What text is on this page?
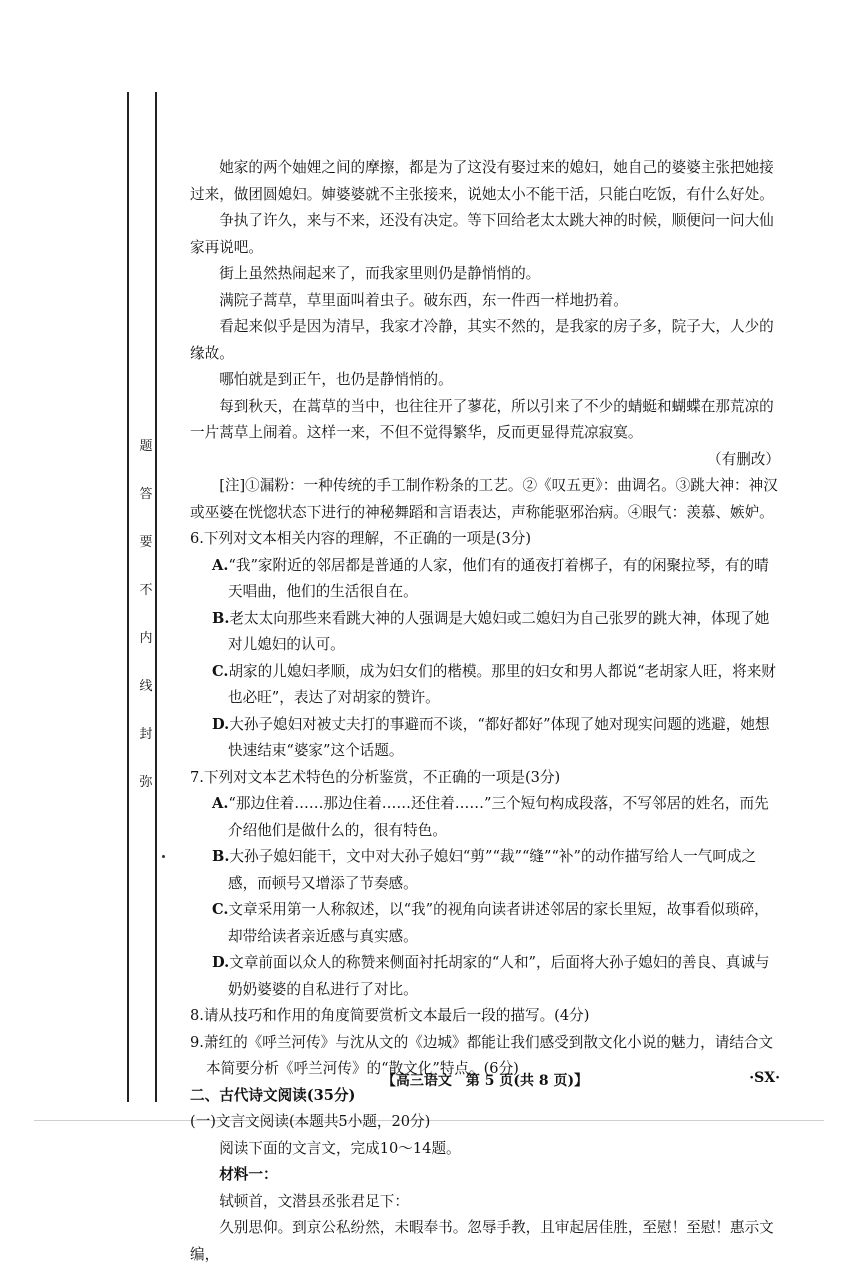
题
答
要
不
内
线
封
弥

她家的两个妯娌之间的摩擦，都是为了这没有娶过来的媳妇，她自己的婆婆主张把她接过来，做团圆媳妇。婶婆婆就不主张接来，说她太小不能干活，只能白吃饭，有什么好处。

争执了许久，来与不来，还没有决定。等下回给老太太跳大神的时候，顺便问一问大仙家再说吧。

街上虽然热闹起来了，而我家里则仍是静悄悄的。

满院子蒿草，草里面叫着虫子。破东西，东一件西一样地扔着。

看起来似乎是因为清早，我家才冷静，其实不然的，是我家的房子多，院子大，人少的缘故。

哪怕就是到正午，也仍是静悄悄的。

每到秋天，在蒿草的当中，也往往开了蓼花，所以引来了不少的蜻蜓和蝴蝶在那荒凉的一片蒿草上闹着。这样一来，不但不觉得繁华，反而更显得荒凉寂寞。

（有删改）

[注]①漏粉：一种传统的手工制作粉条的工艺。②《叹五更》：曲调名。③跳大神：神汉或巫婆在恍惚状态下进行的神秘舞蹈和言语表达，声称能驱邪治病。④眼气：羡慕、嫉妒。

6.下列对文本相关内容的理解，不正确的一项是(3分)

A.“我”家附近的邻居都是普通的人家，他们有的通夜打着梆子，有的闲聚拉琴，有的晴天唱曲，他们的生活很自在。

B.老太太向那些来看跳大神的人强调是大媳妇或二媳妇为自己张罗的跳大神，体现了她对儿媳妇的认可。

C.胡家的儿媳妇孝顺，成为妇女们的楷模。那里的妇女和男人都说“老胡家人旺，将来财也必旺”，表达了对胡家的赞许。

D.大孙子媳妇对被丈夫打的事避而不谈，“都好都好”体现了她对现实问题的逃避，她想快速结束“婆家”这个话题。

7.下列对文本艺术特色的分析鉴赏，不正确的一项是(3分)

A.“那边住着……那边住着……还住着……”三个短句构成段落，不写邻居的姓名，而先介绍他们是做什么的，很有特色。

B.大孙子媳妇能干，文中对大孙子媳妇“剪”“裁”“缝”“补”的动作描写给人一气呵成之感，而顿号又增添了节奏感。

C.文章采用第一人称叙述，以“我”的视角向读者讲述邻居的家长里短，故事看似琐碎，却带给读者亲近感与真实感。

D.文章前面以众人的称赞来侧面衬托胡家的“人和”，后面将大孙子媳妇的善良、真诚与奶奶婆婆的自私进行了对比。

8.请从技巧和作用的角度简要赏析文本最后一段的描写。(4分)

9.萧红的《呼兰河传》与沈从文的《边城》都能让我们感受到散文化小说的魅力，请结合文本简要分析《呼兰河传》的“散文化”特点。(6分)

二、古代诗文阅读(35分)

(一)文言文阅读(本题共5小题，20分)

阅读下面的文言文，完成10～14题。

材料一：

轼顿首，文潜县丞张君足下：

久别思仰。到京公私纷然，未暇奉书。忽辱手教，且审起居佳胜，至慰！至慰！惠示文编，

【高三语文　第 5 页(共 8 页)】	·SX·
